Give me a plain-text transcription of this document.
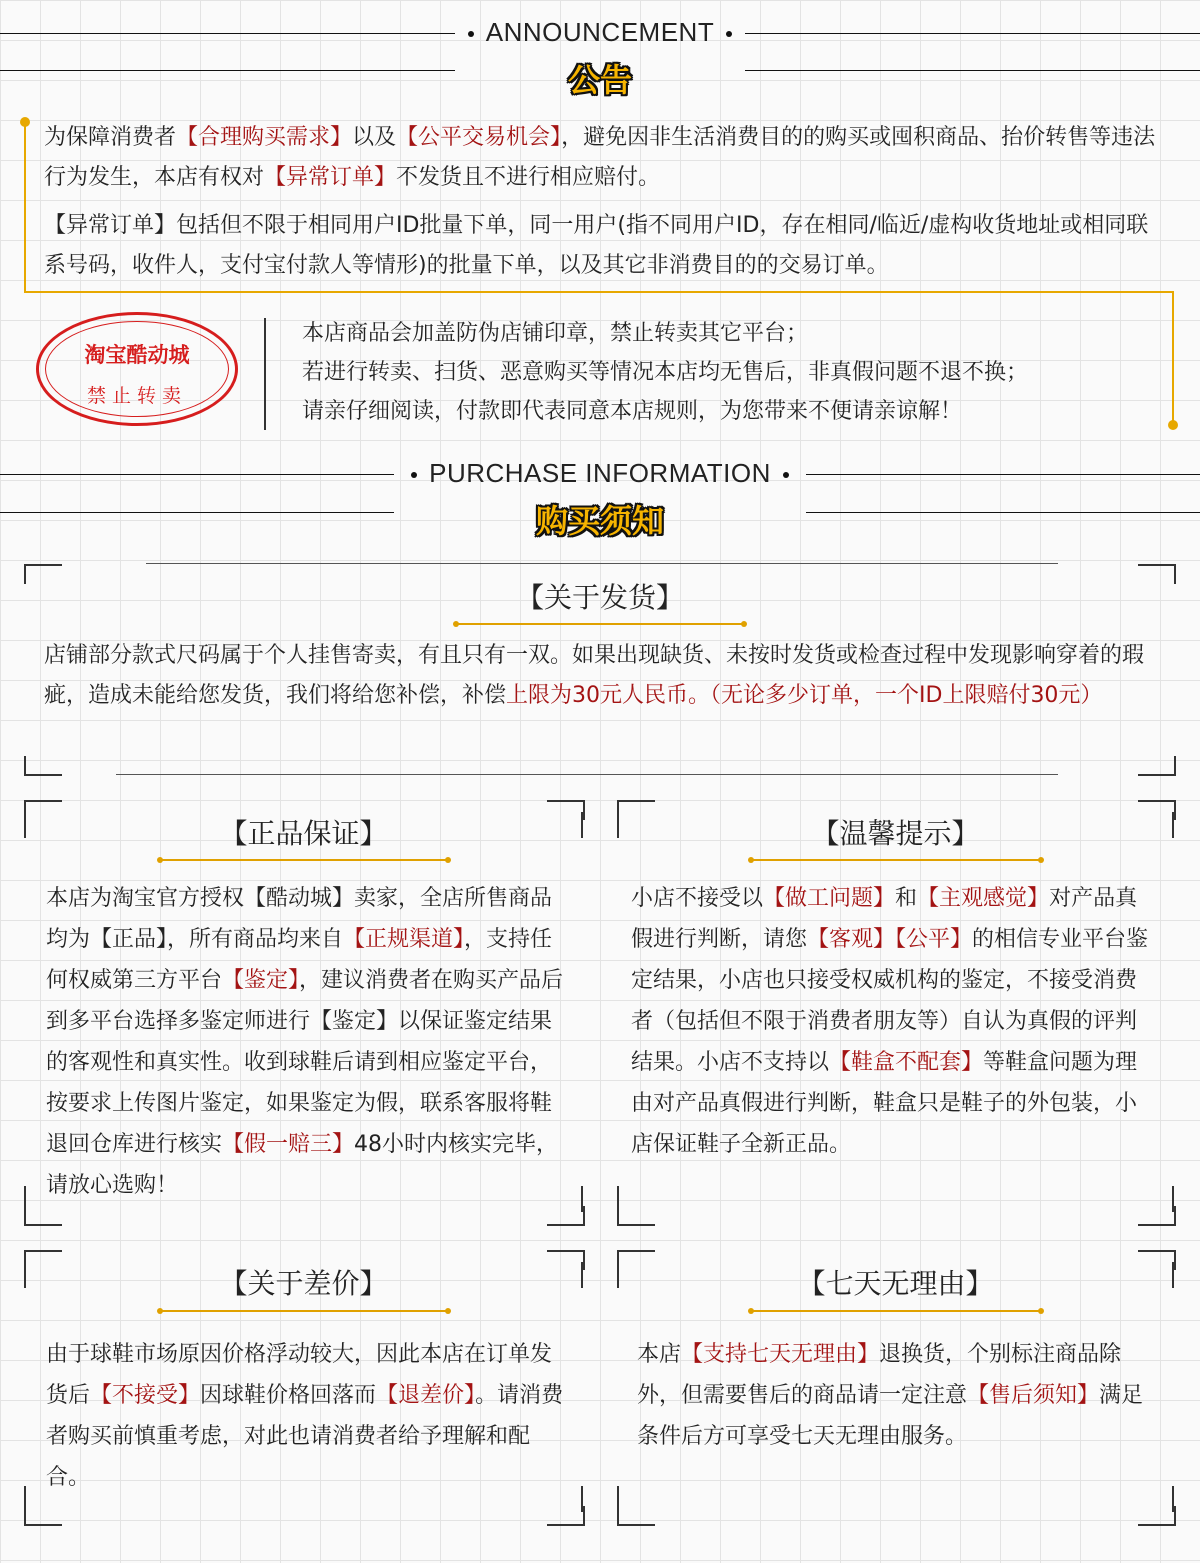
ANNOUNCEMENT
公告

为保障消费者【合理购买需求】以及【公平交易机会】，避免因非生活消费目的的购买或囤积商品、抬价转售等违法行为发生，本店有权对【异常订单】不发货且不进行相应赔付。

【异常订单】包括但不限于相同用户ID批量下单，同一用户(指不同用户ID，存在相同/临近/虚构收货地址或相同联系号码，收件人，支付宝付款人等情形)的批量下单，以及其它非消费目的的交易订单。

淘宝酷动城
禁止转卖
本店商品会加盖防伪店铺印章，禁止转卖其它平台；
若进行转卖、扫货、恶意购买等情况本店均无售后，非真假问题不退不换；
请亲仔细阅读，付款即代表同意本店规则，为您带来不便请亲谅解！
PURCHASE INFORMATION
购买须知
【关于发货】

店铺部分款式尺码属于个人挂售寄卖，有且只有一双。如果出现缺货、未按时发货或检查过程中发现影响穿着的瑕疵，造成未能给您发货，我们将给您补偿，补偿上限为30元人民币。（无论多少订单，一个ID上限赔付30元）

【正品保证】

本店为淘宝官方授权【酷动城】卖家，全店所售商品均为【正品】，所有商品均来自【正规渠道】，支持任何权威第三方平台【鉴定】，建议消费者在购买产品后到多平台选择多鉴定师进行【鉴定】以保证鉴定结果的客观性和真实性。收到球鞋后请到相应鉴定平台，按要求上传图片鉴定，如果鉴定为假，联系客服将鞋退回仓库进行核实【假一赔三】48小时内核实完毕，请放心选购！

【温馨提示】

小店不接受以【做工问题】和【主观感觉】对产品真假进行判断，请您【客观】【公平】的相信专业平台鉴定结果，小店也只接受权威机构的鉴定，不接受消费者（包括但不限于消费者朋友等）自认为真假的评判结果。小店不支持以【鞋盒不配套】等鞋盒问题为理由对产品真假进行判断，鞋盒只是鞋子的外包装，小店保证鞋子全新正品。

【关于差价】

由于球鞋市场原因价格浮动较大，因此本店在订单发货后【不接受】因球鞋价格回落而【退差价】。请消费者购买前慎重考虑，对此也请消费者给予理解和配合。

【七天无理由】

本店【支持七天无理由】退换货，个别标注商品除外，但需要售后的商品请一定注意【售后须知】满足条件后方可享受七天无理由服务。
